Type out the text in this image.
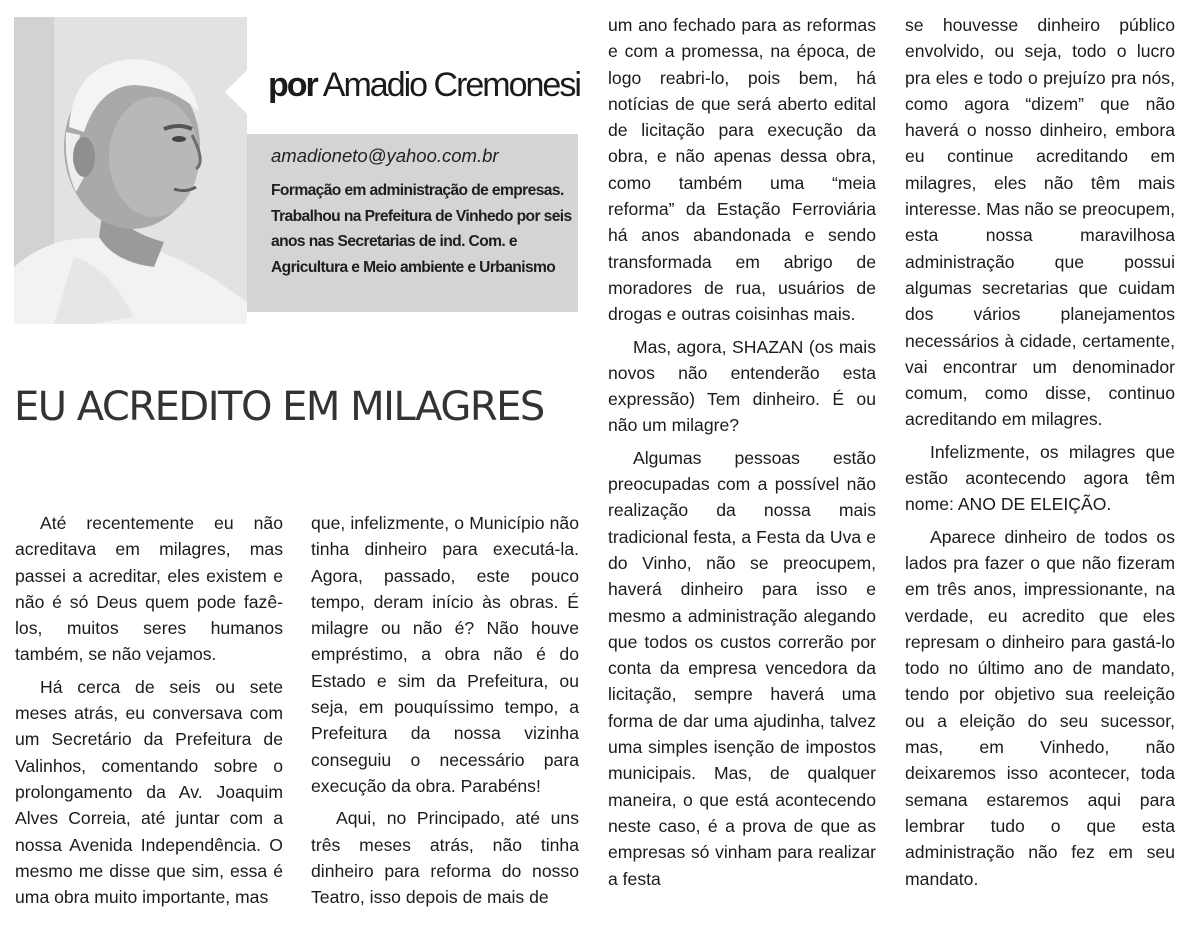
por Amadio Cremonesi
amadioneto@yahoo.com.br
Formação em administração de empresas. Trabalhou na Prefeitura de Vinhedo por seis anos nas Secretarias de ind. Com. e Agricultura e Meio ambiente e Urbanismo
EU ACREDITO EM MILAGRES

Até recentemente eu não acreditava em milagres, mas passei a acreditar, eles existem e não é só Deus quem pode fazê-los, muitos seres humanos também, se não vejamos.

Há cerca de seis ou sete meses atrás, eu conversava com um Secretário da Prefeitura de Valinhos, comentando sobre o prolongamento da Av. Joaquim Alves Correia, até juntar com a nossa Avenida Independência. O mesmo me disse que sim, essa é uma obra muito importante, mas

que, infelizmente, o Município não tinha dinheiro para executá-la. Agora, passado, este pouco tempo, deram início às obras. É milagre ou não é? Não houve empréstimo, a obra não é do Estado e sim da Prefeitura, ou seja, em pouquíssimo tempo, a Prefeitura da nossa vizinha conseguiu o necessário para execução da obra. Parabéns!

Aqui, no Principado, até uns três meses atrás, não tinha dinheiro para reforma do nosso Teatro, isso depois de mais de

um ano fechado para as reformas e com a promessa, na época, de logo reabri-lo, pois bem, há notícias de que será aberto edital de licitação para execução da obra, e não apenas dessa obra, como também uma “meia reforma” da Estação Ferroviária há anos abandonada e sendo transformada em abrigo de moradores de rua, usuários de drogas e outras coisinhas mais.

Mas, agora, SHAZAN (os mais novos não entenderão esta expressão) Tem dinheiro. É ou não um milagre?

Algumas pessoas estão preocupadas com a possível não realização da nossa mais tradicional festa, a Festa da Uva e do Vinho, não se preocupem, haverá dinheiro para isso e mesmo a administração alegando que todos os custos correrão por conta da empresa vencedora da licitação, sempre haverá uma forma de dar uma ajudinha, talvez uma simples isenção de impostos municipais. Mas, de qualquer maneira, o que está acontecendo neste caso, é a prova de que as empresas só vinham para realizar a festa

se houvesse dinheiro público envolvido, ou seja, todo o lucro pra eles e todo o prejuízo pra nós, como agora “dizem” que não haverá o nosso dinheiro, embora eu continue acreditando em milagres, eles não têm mais interesse. Mas não se preocupem, esta nossa maravilhosa administração que possui algumas secretarias que cuidam dos vários planejamentos necessários à cidade, certamente, vai encontrar um denominador comum, como disse, continuo acreditando em milagres.

Infelizmente, os milagres que estão acontecendo agora têm nome: ANO DE ELEIÇÃO.

Aparece dinheiro de todos os lados pra fazer o que não fizeram em três anos, impressionante, na verdade, eu acredito que eles represam o dinheiro para gastá-lo todo no último ano de mandato, tendo por objetivo sua reeleição ou a eleição do seu sucessor, mas, em Vinhedo, não deixaremos isso acontecer, toda semana estaremos aqui para lembrar tudo o que esta administração não fez em seu mandato.
